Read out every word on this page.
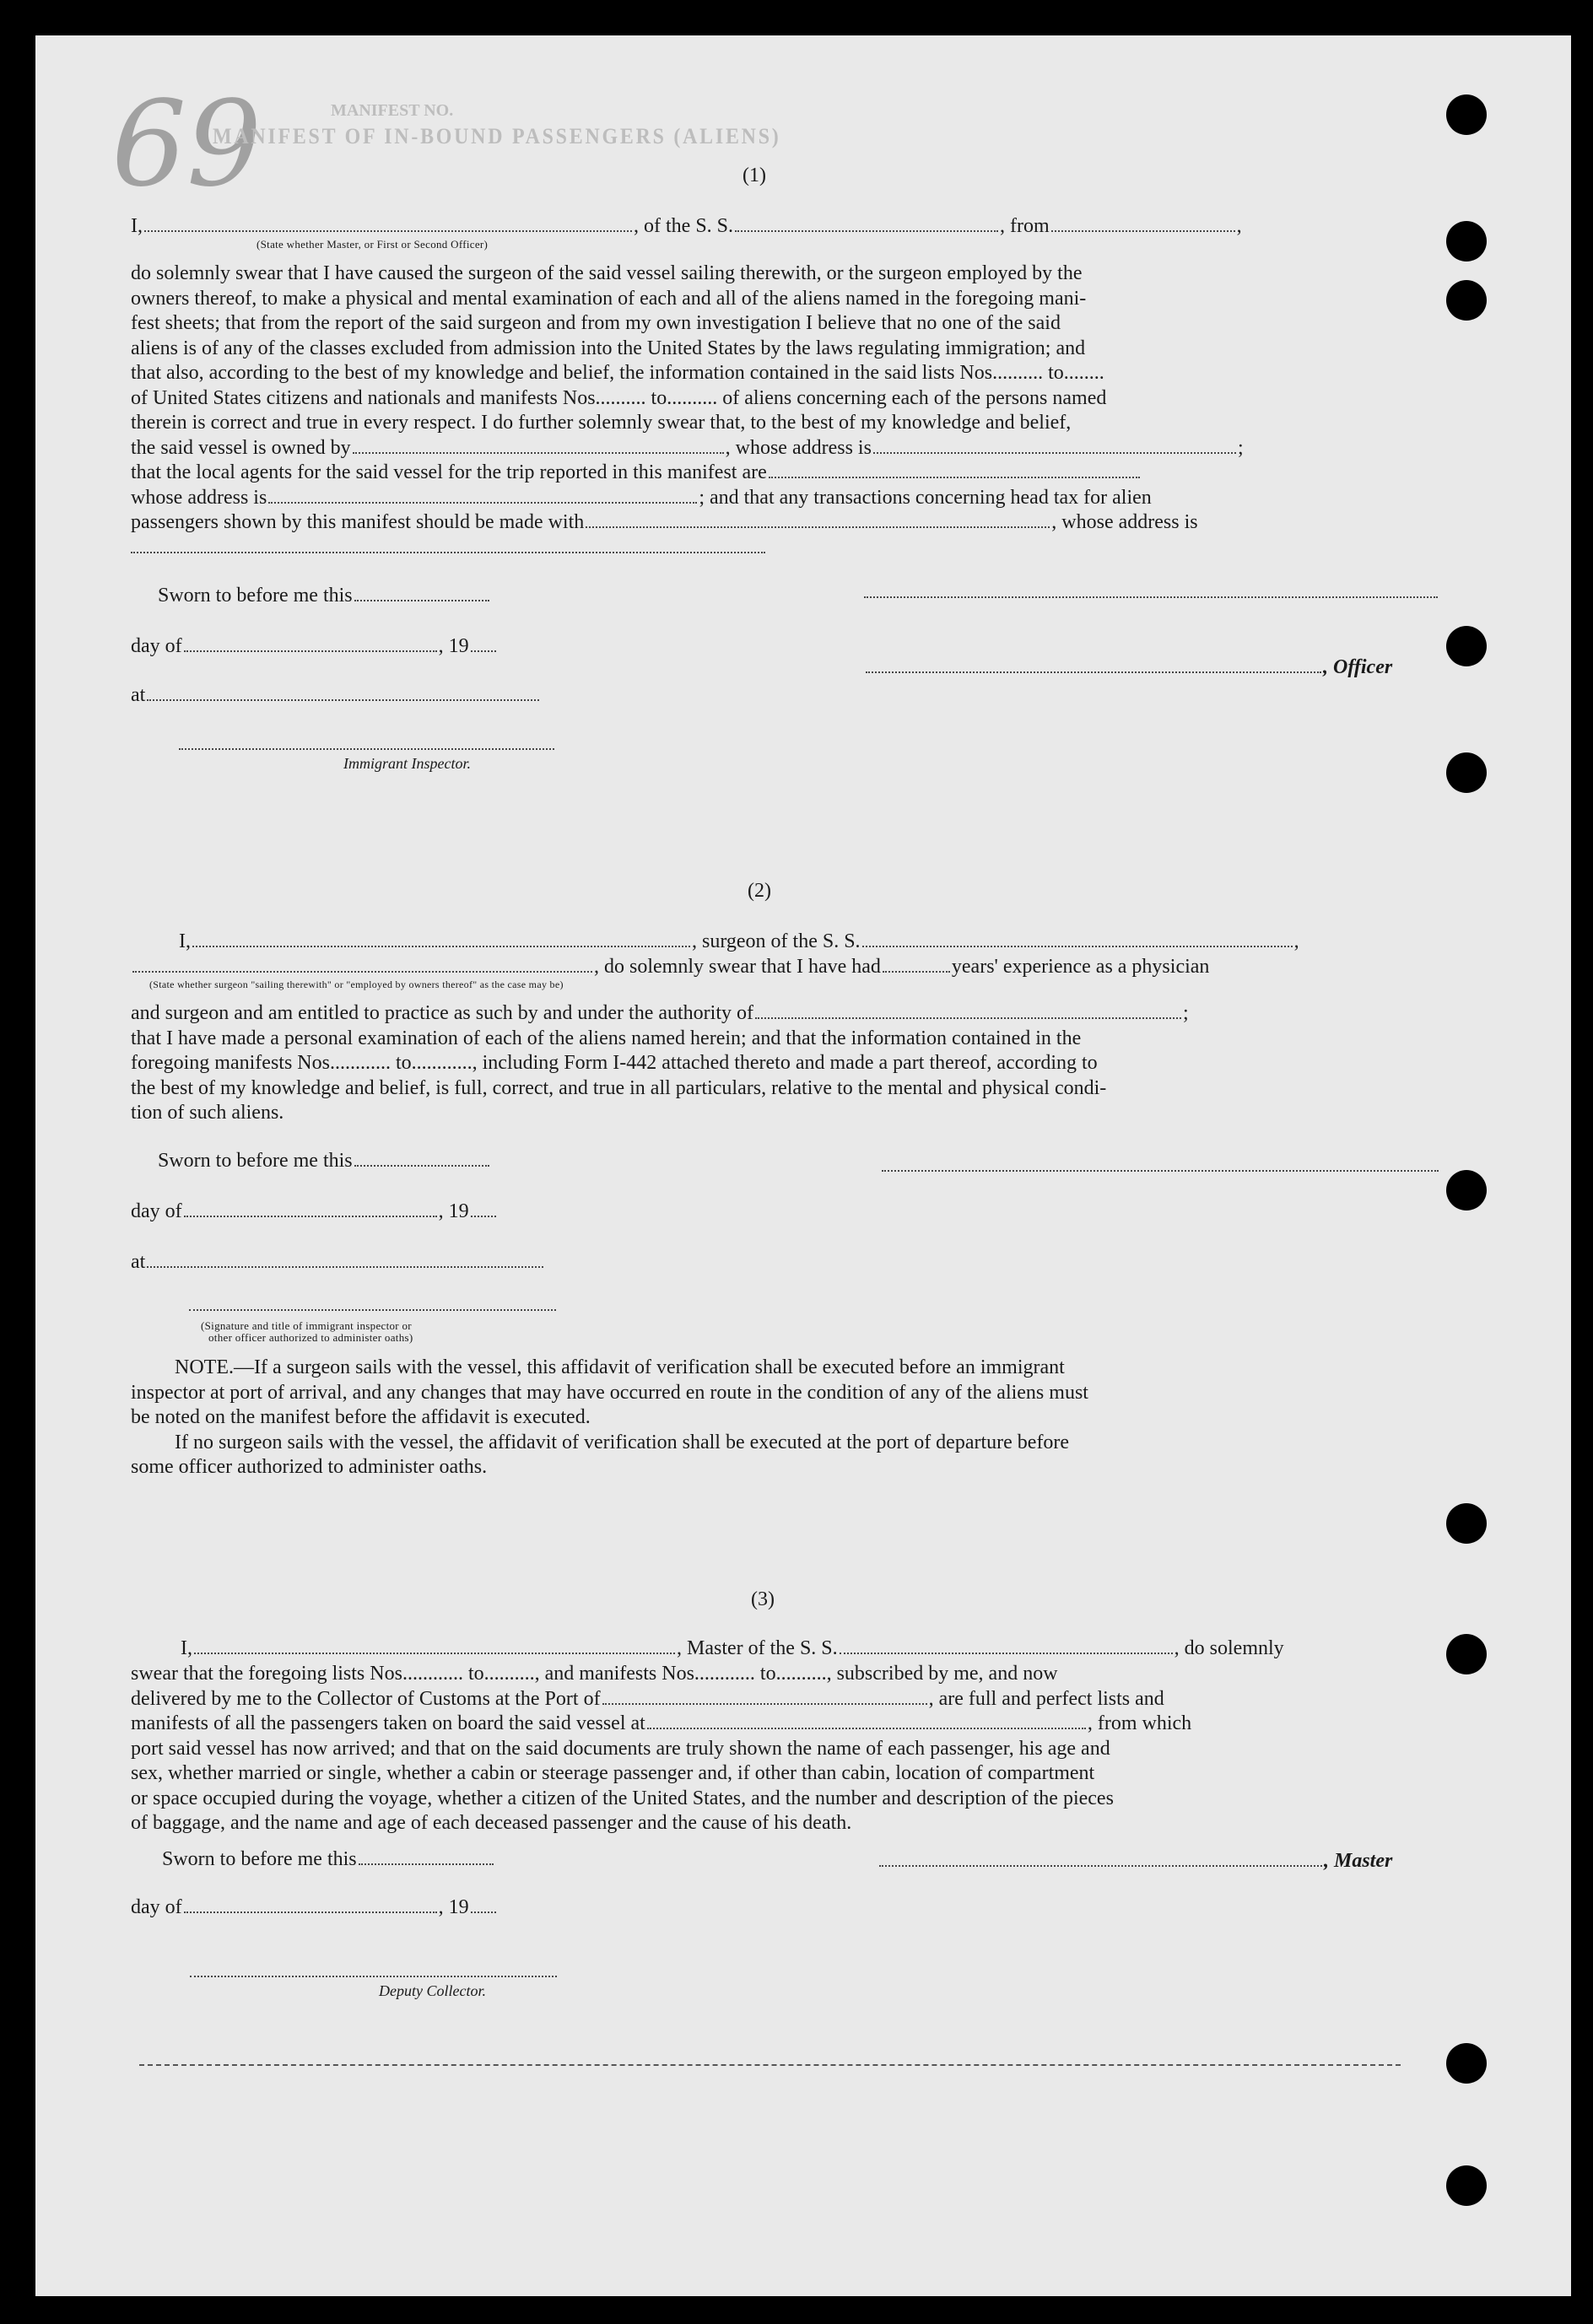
69	MANIFEST NO.
MANIFEST OF IN-BOUND PASSENGERS (ALIENS)
(1)
I,	, of the S. S.	, from	,
(State whether Master, or First or Second Officer)
do solemnly swear that I have caused the surgeon of the said vessel sailing therewith, or the surgeon employed by the
owners thereof, to make a physical and mental examination of each and all of the aliens named in the foregoing mani-
fest sheets; that from the report of the said surgeon and from my own investigation I believe that no one of the said
aliens is of any of the classes excluded from admission into the United States by the laws regulating immigration; and
that also, according to the best of my knowledge and belief, the information contained in the said lists Nos.......... to........
of United States citizens and nationals and manifests Nos.......... to.......... of aliens concerning each of the persons named
therein is correct and true in every respect. I do further solemnly swear that, to the best of my knowledge and belief,
the said vessel is owned by	, whose address is	;
that the local agents for the said vessel for the trip reported in this manifest are
whose address is	; and that any transactions concerning head tax for alien
passengers shown by this manifest should be made with	, whose address is
Sworn to before me this
day of	, 19
at
Immigrant Inspector.
, Officer
(2)
I,	, surgeon of the S. S.	,
, do solemnly swear that I have had	years' experience as a physician
(State whether surgeon "sailing therewith" or "employed by owners thereof" as the case may be)
and surgeon and am entitled to practice as such by and under the authority of	;
that I have made a personal examination of each of the aliens named herein; and that the information contained in the
foregoing manifests Nos............ to............, including Form I-442 attached thereto and made a part thereof, according to
the best of my knowledge and belief, is full, correct, and true in all particulars, relative to the mental and physical condi-
tion of such aliens.
Sworn to before me this
day of	, 19
at
(Signature and title of immigrant inspector or
other officer authorized to administer oaths)
NOTE.—If a surgeon sails with the vessel, this affidavit of verification shall be executed before an immigrant
inspector at port of arrival, and any changes that may have occurred en route in the condition of any of the aliens must
be noted on the manifest before the affidavit is executed.
If no surgeon sails with the vessel, the affidavit of verification shall be executed at the port of departure before
some officer authorized to administer oaths.
(3)
I,	, Master of the S. S.	, do solemnly
swear that the foregoing lists Nos............ to.........., and manifests Nos............ to.........., subscribed by me, and now
delivered by me to the Collector of Customs at the Port of	, are full and perfect lists and
manifests of all the passengers taken on board the said vessel at	, from which
port said vessel has now arrived; and that on the said documents are truly shown the name of each passenger, his age and
sex, whether married or single, whether a cabin or steerage passenger and, if other than cabin, location of compartment
or space occupied during the voyage, whether a citizen of the United States, and the number and description of the pieces
of baggage, and the name and age of each deceased passenger and the cause of his death.
Sworn to before me this	, Master
day of	, 19
Deputy Collector.
